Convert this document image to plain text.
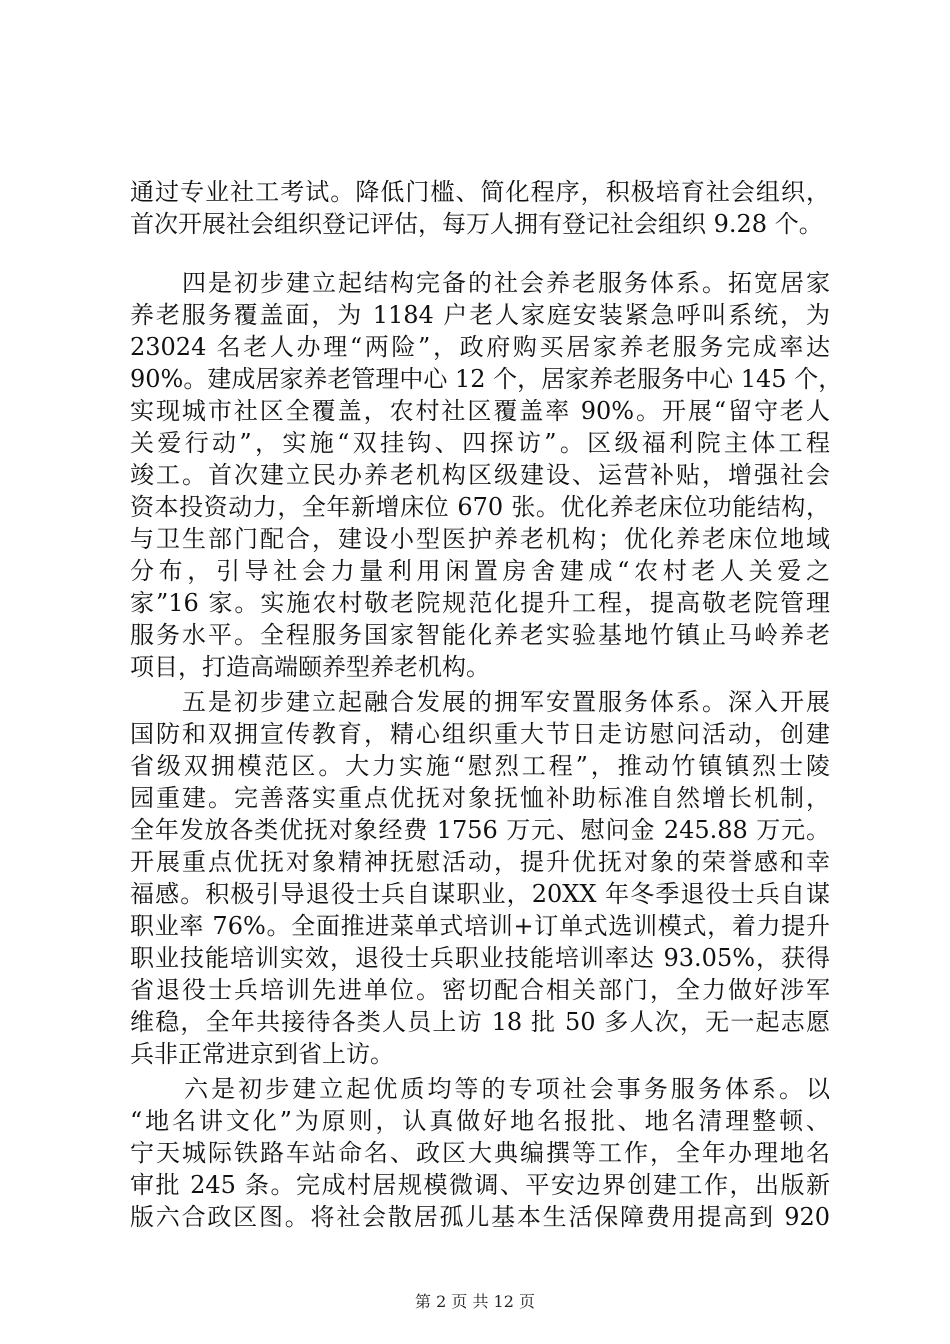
通过专业社工考试。降低门槛、简化程序，积极培育社会组织，
首次开展社会组织登记评估，每万人拥有登记社会组织 9.28 个。
　　四是初步建立起结构完备的社会养老服务体系。拓宽居家
养老服务覆盖面，为 1184 户老人家庭安装紧急呼叫系统，为
23024 名老人办理“两险”，政府购买居家养老服务完成率达
90%。建成居家养老管理中心 12 个，居家养老服务中心 145 个，
实现城市社区全覆盖，农村社区覆盖率 90%。开展“留守老人
关爱行动”，实施“双挂钩、四探访”。区级福利院主体工程
竣工。首次建立民办养老机构区级建设、运营补贴，增强社会
资本投资动力，全年新增床位 670 张。优化养老床位功能结构，
与卫生部门配合，建设小型医护养老机构；优化养老床位地域
分布，引导社会力量利用闲置房舍建成“农村老人关爱之
家”16 家。实施农村敬老院规范化提升工程，提高敬老院管理
服务水平。全程服务国家智能化养老实验基地竹镇止马岭养老
项目，打造高端颐养型养老机构。
　　五是初步建立起融合发展的拥军安置服务体系。深入开展
国防和双拥宣传教育，精心组织重大节日走访慰问活动，创建
省级双拥模范区。大力实施“慰烈工程”，推动竹镇镇烈士陵
园重建。完善落实重点优抚对象抚恤补助标准自然增长机制，
全年发放各类优抚对象经费 1756 万元、慰问金 245.88 万元。
开展重点优抚对象精神抚慰活动，提升优抚对象的荣誉感和幸
福感。积极引导退役士兵自谋职业，20XX 年冬季退役士兵自谋
职业率 76%。全面推进菜单式培训+订单式选训模式，着力提升
职业技能培训实效，退役士兵职业技能培训率达 93.05%，获得
省退役士兵培训先进单位。密切配合相关部门，全力做好涉军
维稳，全年共接待各类人员上访 18 批 50 多人次，无一起志愿
兵非正常进京到省上访。
　　六是初步建立起优质均等的专项社会事务服务体系。以
“地名讲文化”为原则，认真做好地名报批、地名清理整顿、
宁天城际铁路车站命名、政区大典编撰等工作，全年办理地名
审批 245 条。完成村居规模微调、平安边界创建工作，出版新
版六合政区图。将社会散居孤儿基本生活保障费用提高到 920
第 2 页 共 12 页
